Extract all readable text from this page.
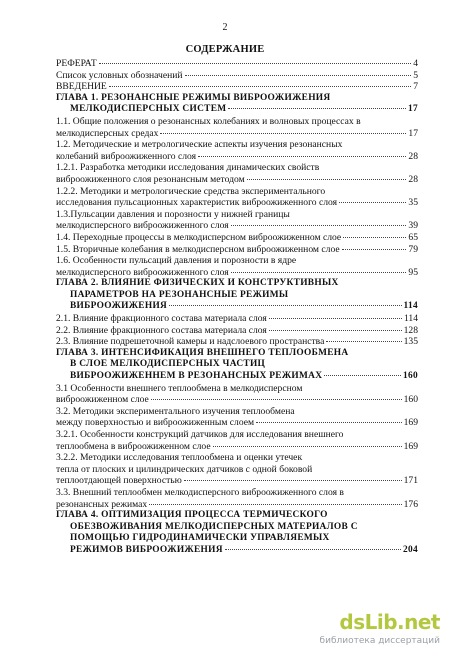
2
СОДЕРЖАНИЕ
РЕФЕРАТ	4
Список условных обозначений	5
ВВЕДЕНИЕ	7
ГЛАВА 1. РЕЗОНАНСНЫЕ РЕЖИМЫ ВИБРООЖИЖЕНИЯ
МЕЛКОДИСПЕРСНЫХ СИСТЕМ	17
1.1. Общие положения о резонансных колебаниях и волновых процессах в
мелкодисперсных средах	17
1.2. Методические и метрологические аспекты изучения резонансных
колебаний виброожиженного слоя	28
1.2.1. Разработка методики исследования динамических свойств
виброожиженного слоя резонансным методом	28
1.2.2. Методики и метрологические средства экспериментального
исследования пульсационных характеристик виброожиженного слоя	35
1.3.Пульсации давления и порозности у нижней границы
мелкодисперсного виброожиженного слоя	39
1.4. Переходные процессы в мелкодисперсном виброожиженном слое	65
1.5. Вторичные колебания в мелкодисперсном виброожиженном слое	79
1.6. Особенности пульсаций давления и порозности в ядре
мелкодисперсного виброожиженного слоя	95
ГЛАВА 2. ВЛИЯНИЕ ФИЗИЧЕСКИХ И КОНСТРУКТИВНЫХ
ПАРАМЕТРОВ НА РЕЗОНАНСНЫЕ РЕЖИМЫ
ВИБРООЖИЖЕНИЯ	114
2.1. Влияние фракционного состава материала слоя	114
2.2. Влияние фракционного состава материала слоя	128
2.3. Влияние подрешеточной камеры и надслоевого пространства	135
ГЛАВА 3. ИНТЕНСИФИКАЦИЯ ВНЕШНЕГО ТЕПЛООБМЕНА
В СЛОЕ МЕЛКОДИСПЕРСНЫХ ЧАСТИЦ
ВИБРООЖИЖЕННЕМ В РЕЗОНАНСНЫХ РЕЖИМАХ	160
3.1 Особенности внешнего теплообмена в мелкодисперсном
виброожиженном слое	160
3.2. Методики экспериментального изучения теплообмена
между поверхностью и виброожиженным слоем	169
3.2.1. Особенности конструкций датчиков для исследования внешнего
теплообмена в виброожиженном слое	169
3.2.2. Методики исследования теплообмена и оценки утечек
тепла от плоских и цилиндрических датчиков с одной боковой
теплоотдающей поверхностью	171
3.3. Внешний теплообмен мелкодисперсного виброожиженного слоя в
резонансных режимах	176
ГЛАВА 4. ОПТИМИЗАЦИЯ ПРОЦЕССА ТЕРМИЧЕСКОГО
ОБЕЗВОЖИВАНИЯ МЕЛКОДИСПЕРСНЫХ МАТЕРИАЛОВ С
ПОМОЩЬЮ ГИДРОДИНАМИЧЕСКИ УПРАВЛЯЕМЫХ
РЕЖИМОВ ВИБРООЖИЖЕНИЯ	204
dsLib.net
библиотека диссертаций
